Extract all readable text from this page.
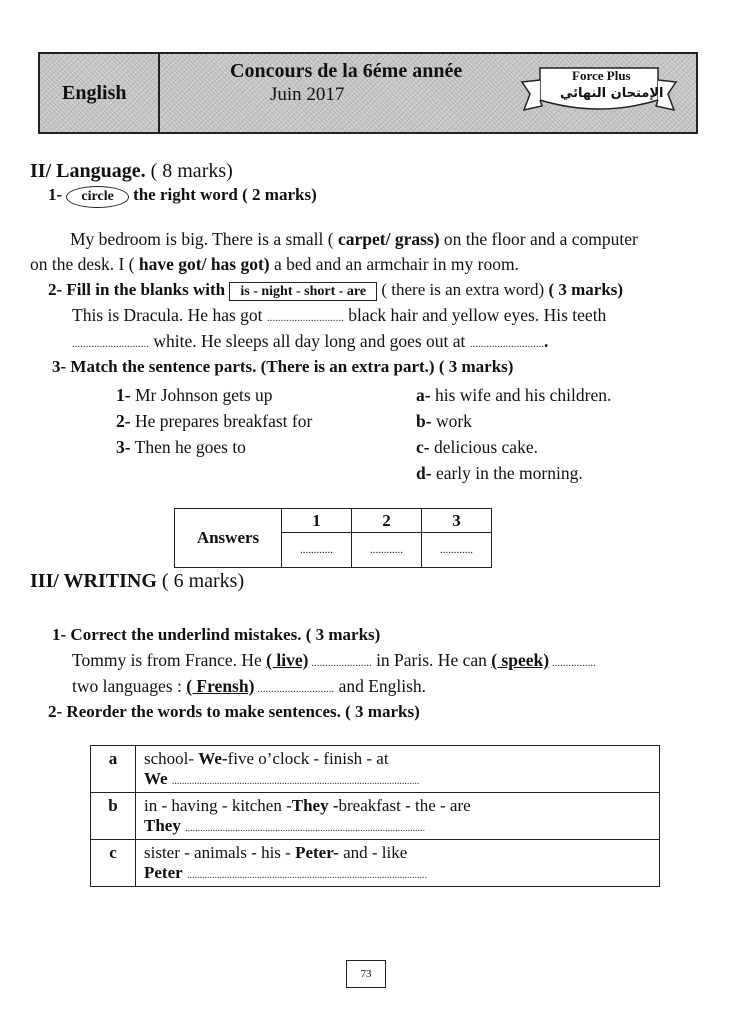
English
Concours de la 6éme année
Juin 2017
Force Plus
الإمتحان النهائي
II/ Language. ( 8 marks)
1- circle the right word ( 2 marks)
My bedroom is big. There is a small ( carpet/ grass) on the floor and a computer
on the desk. I ( have got/ has got) a bed and an armchair in my room.
2- Fill in the blanks with is - night - short - are ( there is an extra word) ( 3 marks)
This is Dracula. He has got ............................ black hair and yellow eyes. His teeth
............................ white. He sleeps all day long and goes out at ............................
3- Match the sentence parts. (There is an extra part.) ( 3 marks)
1- Mr Johnson gets up
2- He prepares breakfast for
3- Then he goes to
a- his wife and his children.
b- work
c- delicious cake.
d- early in the morning.
Answers	1	2	3
	............	............	............
III/ WRITING ( 6 marks)
1- Correct the underlind mistakes. ( 3 marks)
Tommy is from France. He ( live) ...................... in Paris. He can ( speek) ................
two languages : ( Frensh) ............................ and English.
2- Reorder the words to make sentences. ( 3 marks)
a	school- We-five o’clock - finish - at
We ...................................................................................................

b	in - having - kitchen -They -breakfast - the - are
They ................................................................................................

c	sister - animals - his - Peter- and - like
Peter ................................................................................................
73
